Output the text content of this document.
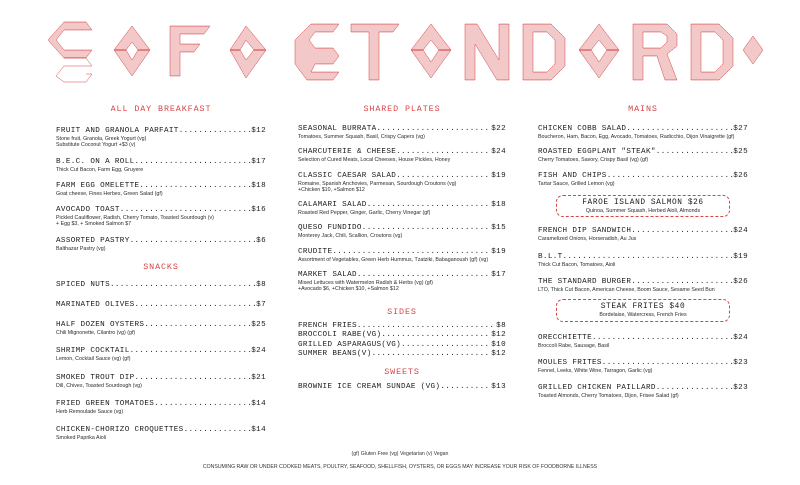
ALL DAY BREAKFAST
FRUIT AND GRANOLA PARFAIT .....	$12
Stone fruit, Granola, Greek Yogurt (vg)
Substitute Coconut Yogurt +$3 (v)
B.E.C. ON A ROLL .....	$17
Thick Cut Bacon, Farm Egg, Gruyere
FARM EGG OMELETTE .....	$18
Goat cheese, Fines Herbes, Green Salad (gf)
AVOCADO TOAST .....	$16
Pickled Cauliflower, Radish, Cherry Tomato, Toasted Sourdough (v)
+ Egg $3, + Smoked Salmon $7
ASSORTED PASTRY .....	$6
Balthazar Pastry (vg)
SNACKS
SPICED NUTS .....	$8
MARINATED OLIVES .....	$7
HALF DOZEN OYSTERS .....	$25
Chili Mignonette, Cilantro (vg) (gf)
SHRIMP COCKTAIL .....	$24
Lemon, Cocktail Sauce (vg) (gf)
SMOKED TROUT DIP .....	$21
Dill, Chives, Toasted Sourdough (vg)
FRIED GREEN TOMATOES .....	$14
Herb Remoulade Sauce (vg)
CHICKEN-CHORIZO CROQUETTES .....	$14
Smoked Paprika Aioli
SHARED PLATES
SEASONAL BURRATA .....	$22
Tomatoes, Summer Squash, Basil, Crispy Capers (vg)
CHARCUTERIE & CHEESE .....	$24
Selection of Cured Meats, Local Cheeses, House Pickles, Honey
CLASSIC CAESAR SALAD .....	$19
Romaine, Spanish Anchovies, Parmesan, Sourdough Croutons (vg)
+Chicken $10, +Salmon $12
CALAMARI SALAD .....	$18
Roasted Red Pepper, Ginger, Garlic, Cherry Vinegar (gf)
QUESO FUNDIDO .....	$15
Monterey Jack, Chili, Scallion, Croutons (vg)
CRUDITE .....	$19
Assortment of Vegetables, Green Herb Hummus, Tzatziki, Babaganoush (gf) (vg)
MARKET SALAD .....	$17
Mixed Lettuces with Watermelon Radish & Herbs (vg) (gf)
+Avocado $6, +Chicken $10, +Salmon $12
SIDES
FRENCH FRIES .....	$8
BROCCOLI RABE(VG) .....	$12
GRILLED ASPARAGUS(VG) .....	$10
SUMMER BEANS(V) .....	$12
SWEETS
BROWNIE ICE CREAM SUNDAE (VG) .....	$13
MAINS
CHICKEN COBB SALAD .....	$27
Boucheron, Ham, Bacon, Egg, Avocado, Tomatoes, Radicchio, Dijon Vinaigrette (gf)
ROASTED EGGPLANT "STEAK" .....	$25
Cherry Tomatoes, Savory, Crispy Basil (vg) (gf)
FISH AND CHIPS .....	$26
Tartar Sauce, Grilled Lemon (vg)
FAROE ISLAND SALMON $26
Quinoa, Summer Squash, Herbed Aioli, Almonds
FRENCH DIP SANDWICH .....	$24
Caramelized Onions, Horseradish, Au Jus
B.L.T .....	$19
Thick Cut Bacon, Tomatoes, Aioli
THE STANDARD BURGER .....	$26
LTO, Thick Cut Bacon, American Cheese, Boom Sauce, Sesame Seed Bun
STEAK FRITES $40
Bordelaise, Watercress, French Fries
ORECCHIETTE .....	$24
Broccoli Rabe, Sausage, Basil
MOULES FRITES .....	$23
Fennel, Leeks, White Wine, Tarragon, Garlic (vg)
GRILLED CHICKEN PAILLARD .....	$23
Toasted Almonds, Cherry Tomatoes, Dijon, Frisee Salad (gf)
(gf) Gluten Free (vg) Vegetarian (v) Vegan
CONSUMING RAW OR UNDER COOKED MEATS, POULTRY, SEAFOOD, SHELLFISH, OYSTERS, OR EGGS MAY INCREASE YOUR RISK OF FOODBORNE ILLNESS
